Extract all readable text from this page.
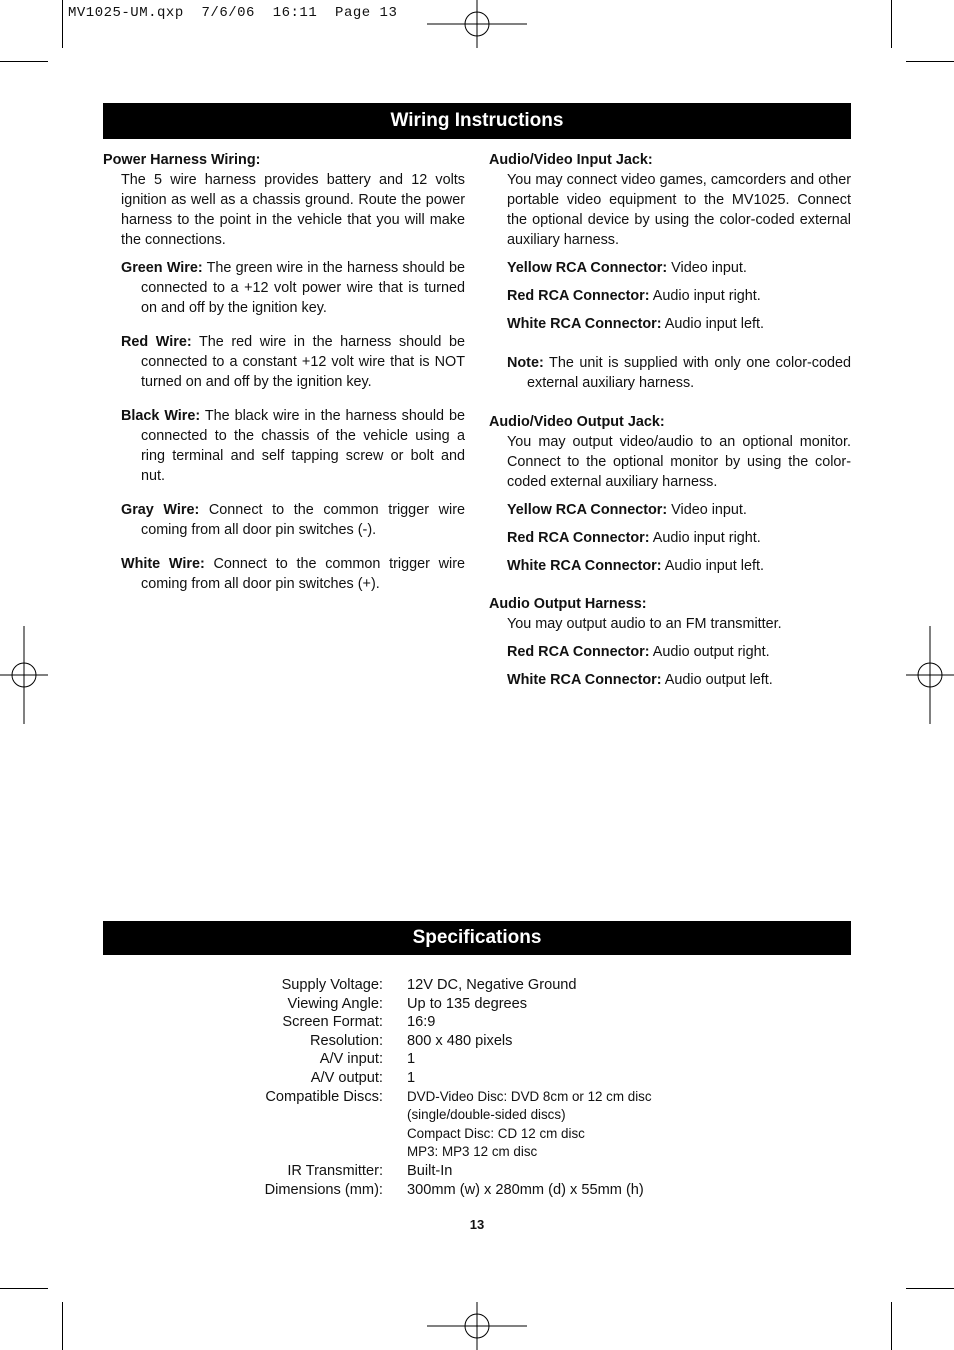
MV1025-UM.qxp  7/6/06  16:11  Page 13
Wiring Instructions

Power Harness Wiring:

The 5 wire harness provides battery and 12 volts ignition as well as a chassis ground. Route the power harness to the point in the vehicle that you will make the connections.

Green Wire: The green wire in the harness should be connected to a +12 volt power wire that is turned on and off by the ignition key.

Red Wire: The red wire in the harness should be connected to a constant +12 volt wire that is NOT turned on and off by the ignition key.

Black Wire: The black wire in the harness should be connected to the chassis of the vehicle using a ring terminal and self tapping screw or bolt and nut.

Gray Wire: Connect to the common trigger wire coming from all door pin switches (-).

White Wire: Connect to the common trigger wire coming from all door pin switches (+).

Audio/Video Input Jack:

You may connect video games, camcorders and other portable video equipment to the MV1025. Connect the optional device by using the color-coded external auxiliary harness.

Yellow RCA Connector: Video input.

Red RCA Connector: Audio input right.

White RCA Connector: Audio input left.

Note: The unit is supplied with only one color-coded external auxiliary harness.

Audio/Video Output Jack:

You may output video/audio to an optional monitor. Connect to the optional monitor by using the color-coded external auxiliary harness.

Yellow RCA Connector: Video input.

Red RCA Connector: Audio input right.

White RCA Connector: Audio input left.

Audio Output Harness:

You may output audio to an FM transmitter.

Red RCA Connector: Audio output right.

White RCA Connector: Audio output left.

Specifications
Supply Voltage: 12V DC, Negative Ground
Viewing Angle: Up to 135 degrees
Screen Format: 16:9
Resolution: 800 x 480 pixels
A/V input: 1
A/V output: 1
Compatible Discs: DVD-Video Disc: DVD 8cm or 12 cm disc
(single/double-sided discs)
Compact Disc: CD 12 cm disc
MP3: MP3 12 cm disc
IR Transmitter: Built-In
Dimensions (mm): 300mm (w) x 280mm (d) x 55mm (h)
13
